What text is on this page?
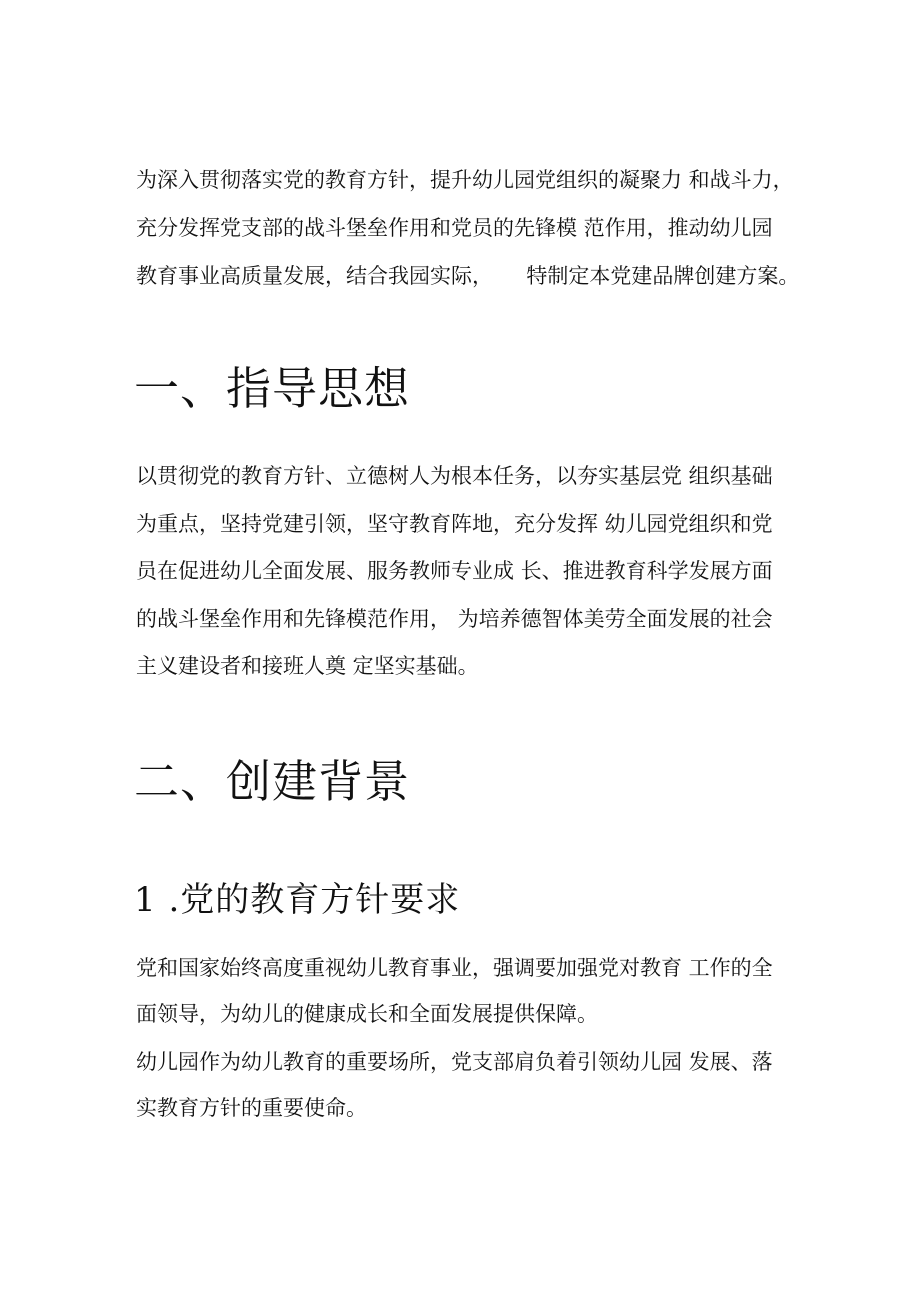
为深入贯彻落实党的教育方针，提升幼儿园党组织的凝聚力 和战斗力，
充分发挥党支部的战斗堡垒作用和党员的先锋模 范作用，推动幼儿园
教育事业高质量发展，结合我园实际，     特制定本党建品牌创建方案。

一、指导思想

以贯彻党的教育方针、立德树人为根本任务，以夯实基层党 组织基础
为重点，坚持党建引领，坚守教育阵地，充分发挥 幼儿园党组织和党
员在促进幼儿全面发展、服务教师专业成 长、推进教育科学发展方面
的战斗堡垒作用和先锋模范作用， 为培养德智体美劳全面发展的社会
主义建设者和接班人奠 定坚实基础。

二、创建背景
1 .党的教育方针要求

党和国家始终高度重视幼儿教育事业，强调要加强党对教育 工作的全
面领导，为幼儿的健康成长和全面发展提供保障。

幼儿园作为幼儿教育的重要场所，党支部肩负着引领幼儿园 发展、落
实教育方针的重要使命。
